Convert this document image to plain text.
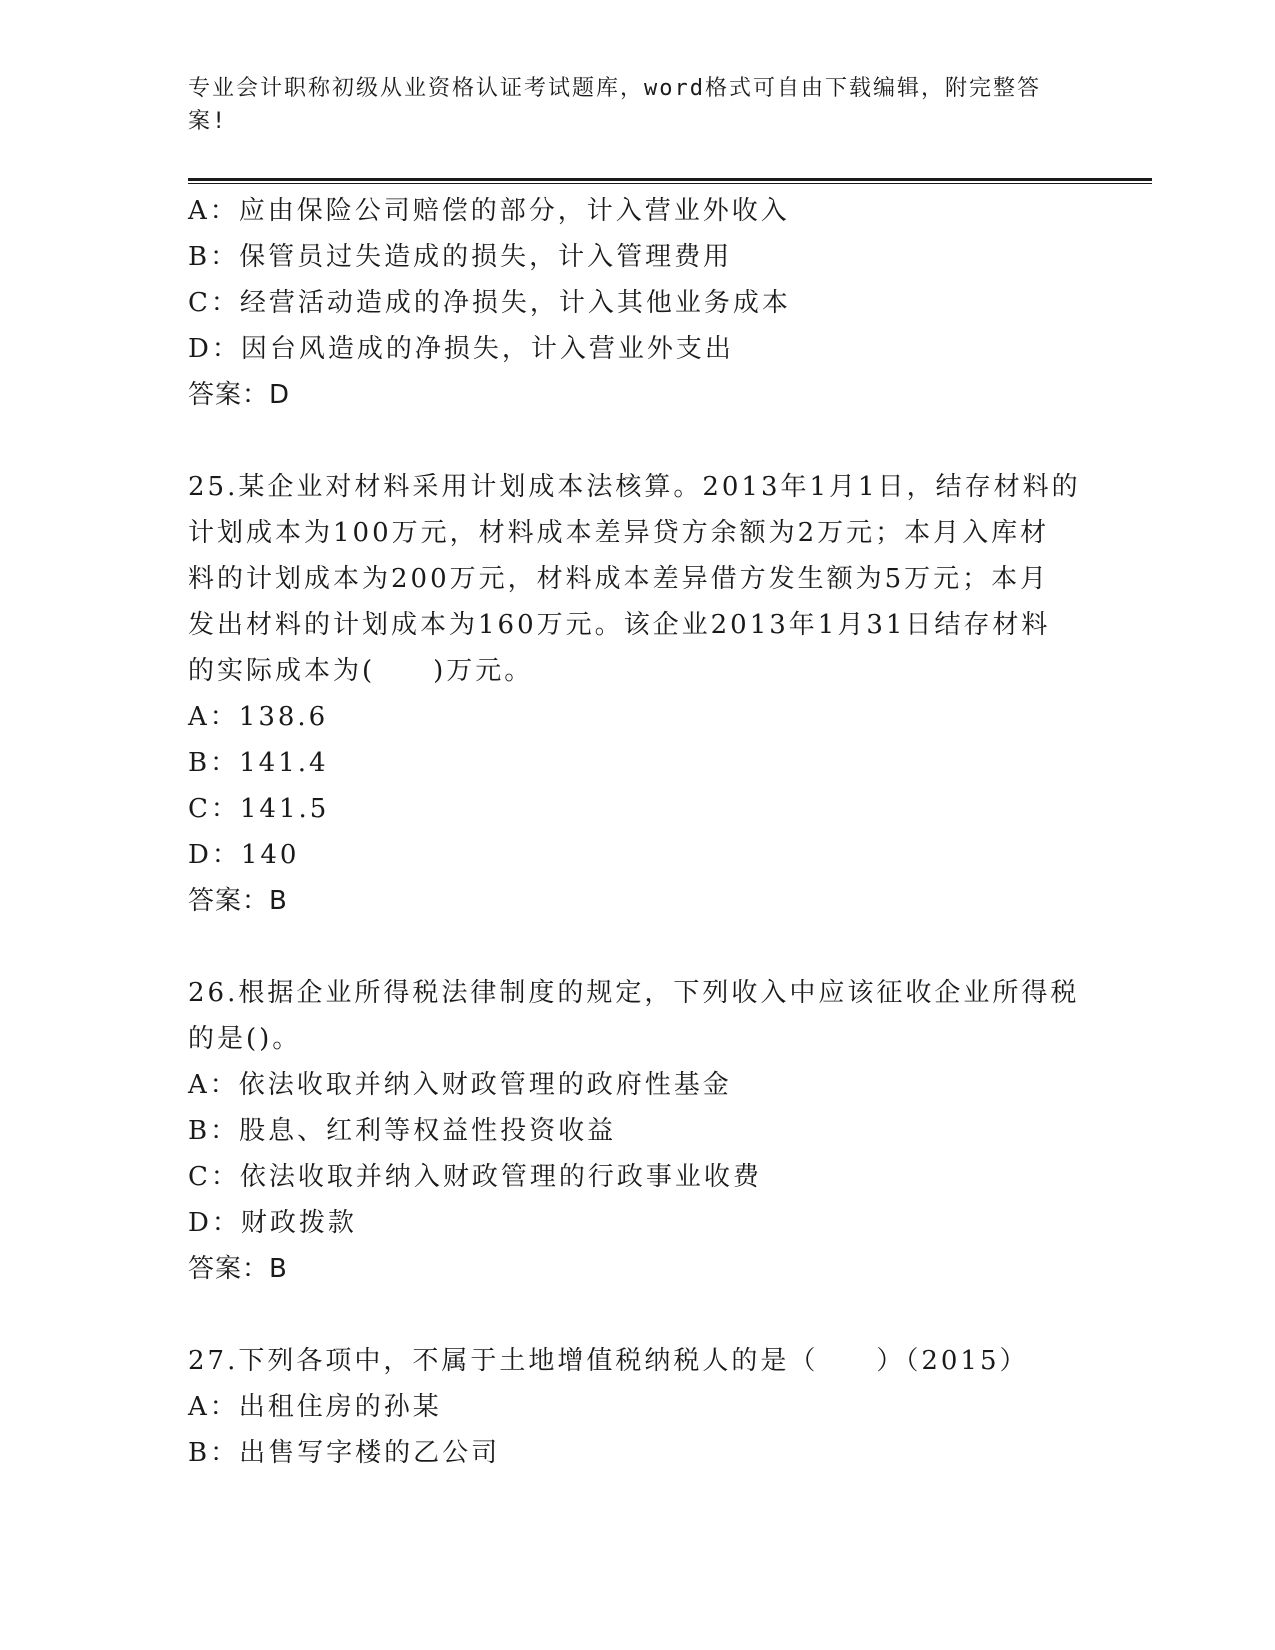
专业会计职称初级从业资格认证考试题库，word格式可自由下载编辑，附完整答
案!
A：应由保险公司赔偿的部分，计入营业外收入
B：保管员过失造成的损失，计入管理费用
C：经营活动造成的净损失，计入其他业务成本
D：因台风造成的净损失，计入营业外支出
答案：D
25.某企业对材料采用计划成本法核算。2013年1月1日，结存材料的
计划成本为100万元，材料成本差异贷方余额为2万元；本月入库材
料的计划成本为200万元，材料成本差异借方发生额为5万元；本月
发出材料的计划成本为160万元。该企业2013年1月31日结存材料
的实际成本为(　　)万元。
A：138.6
B：141.4
C：141.5
D：140
答案：B
26.根据企业所得税法律制度的规定，下列收入中应该征收企业所得税
的是()。
A：依法收取并纳入财政管理的政府性基金
B：股息、红利等权益性投资收益
C：依法收取并纳入财政管理的行政事业收费
D：财政拨款
答案：B
27.下列各项中，不属于土地增值税纳税人的是（　　）（2015）
A：出租住房的孙某
B：出售写字楼的乙公司
